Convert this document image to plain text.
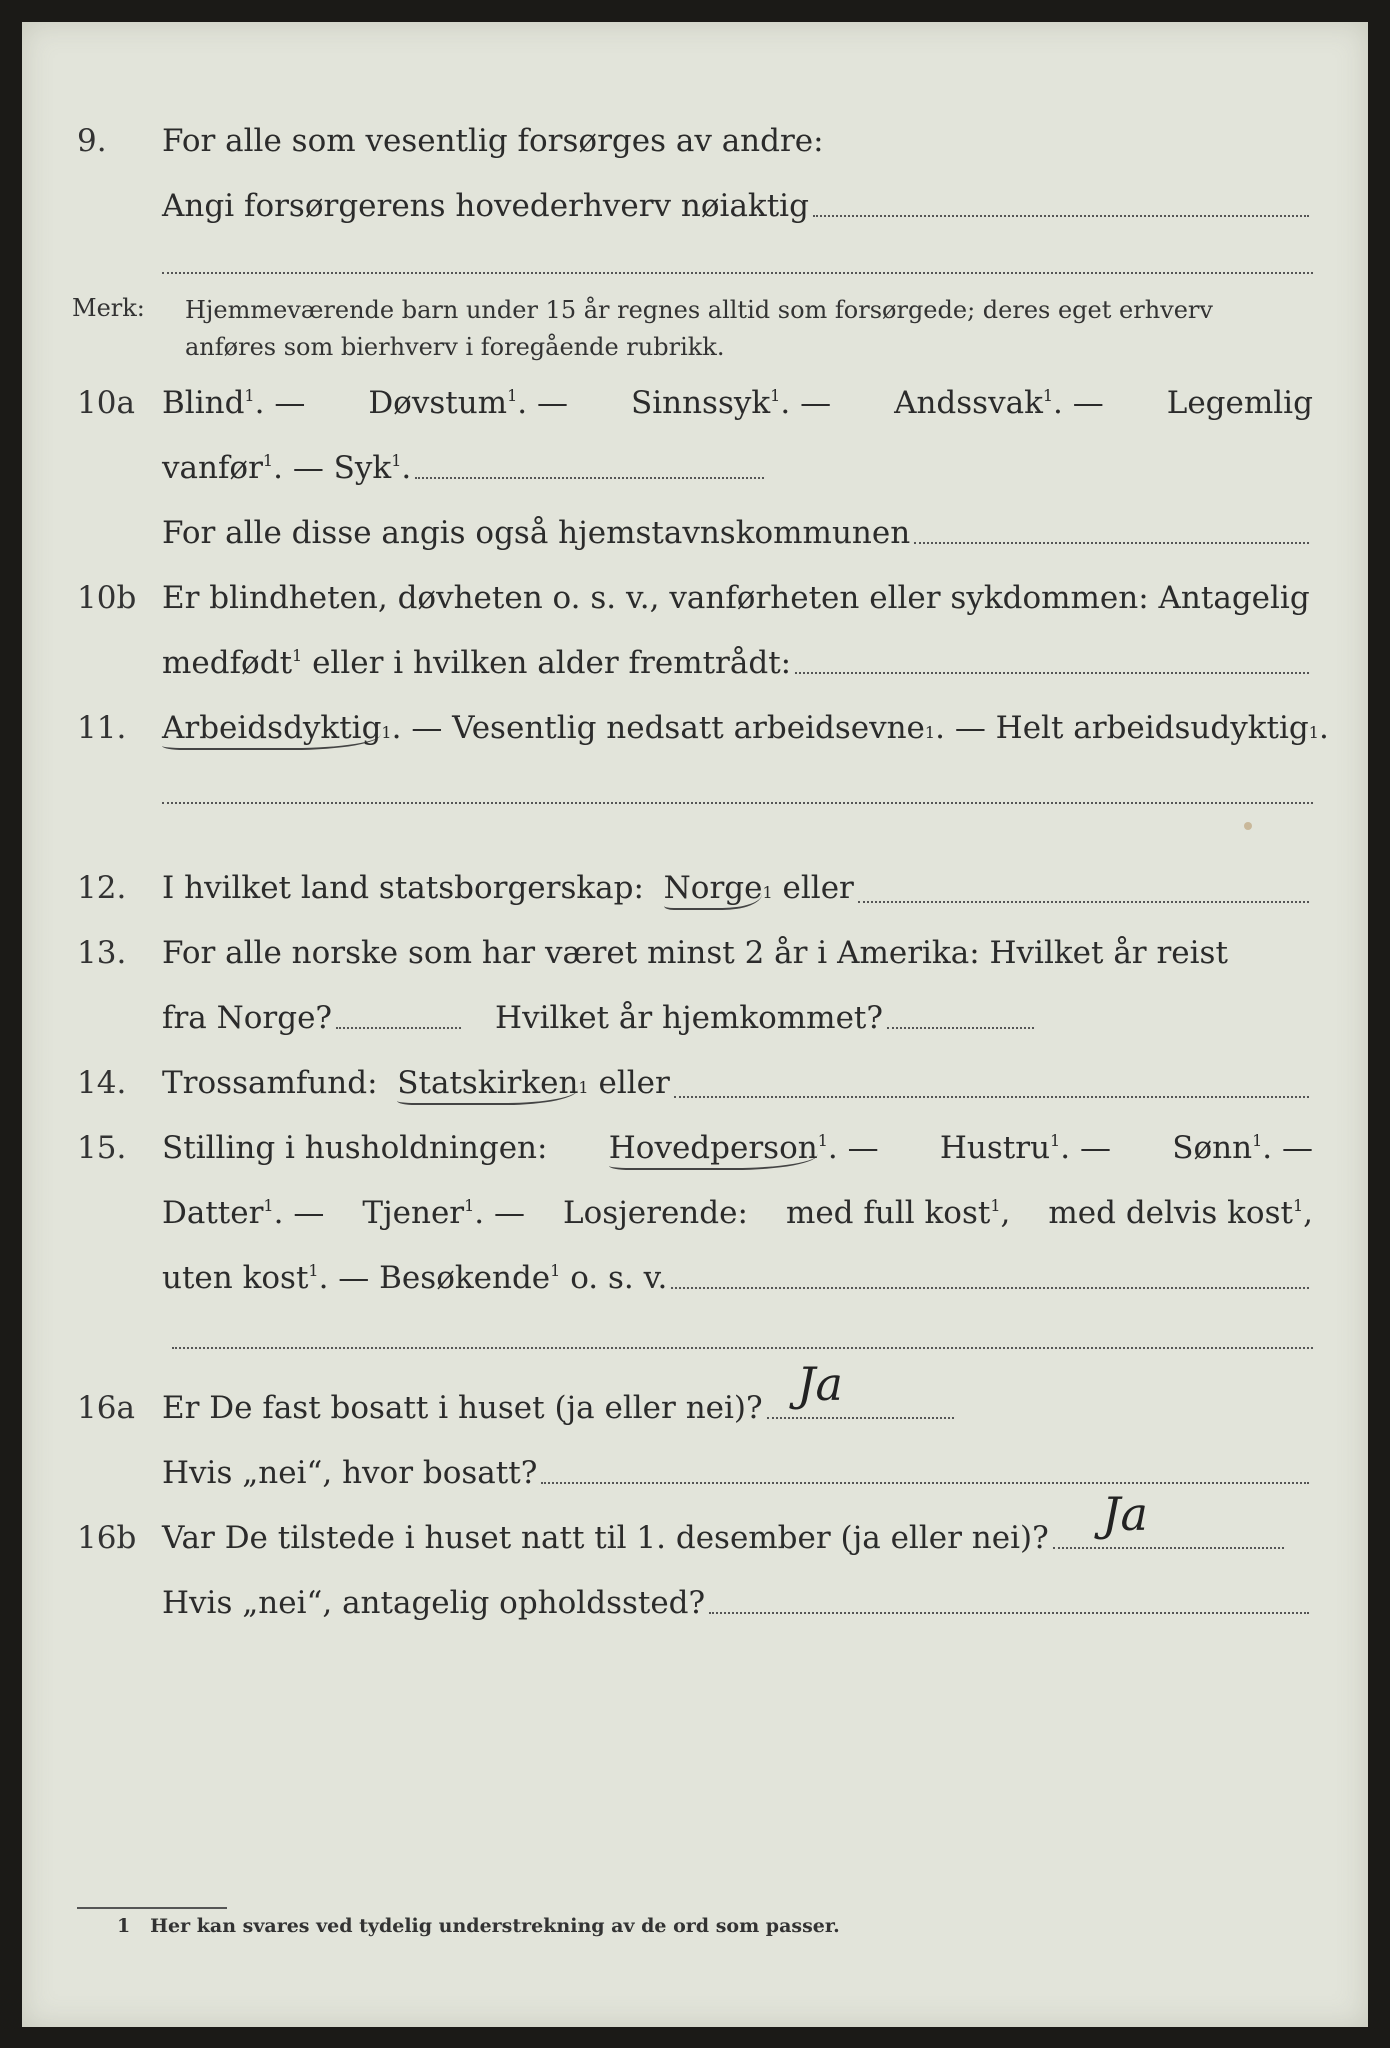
9. For alle som vesentlig forsørges av andre:
Angi forsørgerens hovederhverv nøiaktig
Merk: Hjemmeværende barn under 15 år regnes alltid som forsørgede; deres eget erhverv
anføres som bierhverv i foregående rubrikk.
10a Blind$^1$. — Døvstum$^1$. — Sinnssyk$^1$. — Andssvak$^1$. — Legemlig
vanfør$^1$. — Syk$^1$.
For alle disse angis også hjemstavnskommunen
10b Er blindheten, døvheten o. s. v., vanførheten eller sykdommen: Antagelig
medfødt$^1$ eller i hvilken alder fremtrådt:
11. Arbeidsdyktig 1 . — Vesentlig nedsatt arbeidsevne 1 . — Helt arbeidsudyktig 1 .
12. I hvilket land statsborgerskap:
Norge 1
eller
13. For alle norske som har været minst 2 år i Amerika: Hvilket år reist
fra Norge?	Hvilket år hjemkommet?
14. Trossamfund:
Statskirken 1
eller
15. Stilling i husholdningen: Hovedperson$^1$. — Hustru$^1$. — Sønn$^1$. —
Datter$^1$. — Tjener$^1$. — Losjerende: med full kost$^1$, med delvis kost$^1$,
uten kost$^1$. — Besøkende$^1$ o. s. v.
16a Er De fast bosatt i huset (ja eller nei)? Ja
Hvis „nei“, hvor bosatt?
16b Var De tilstede i huset natt til 1. desember (ja eller nei)? Ja
Hvis „nei“, antagelig opholdssted?
1 Her kan svares ved tydelig understrekning av de ord som passer.
